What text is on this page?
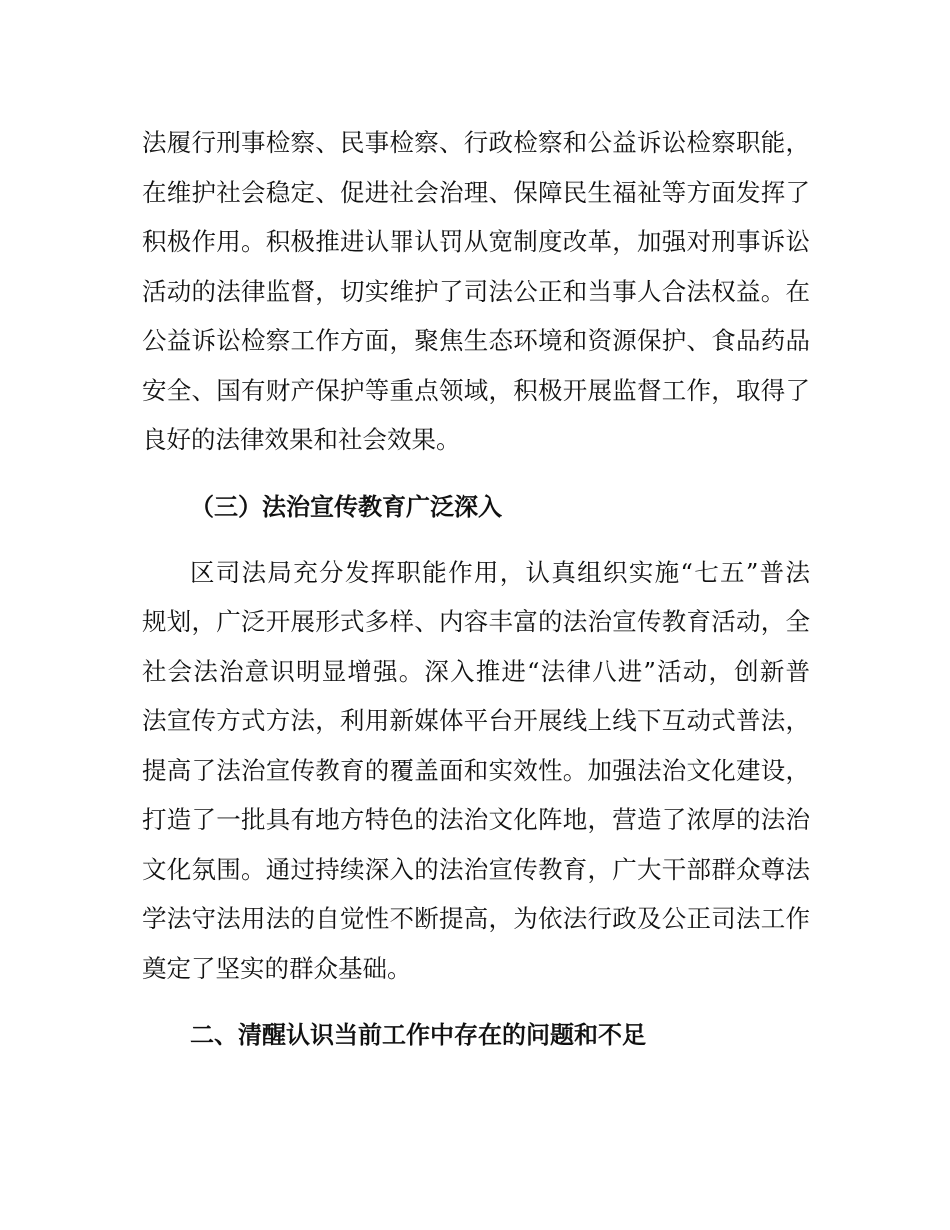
法履行刑事检察、民事检察、行政检察和公益诉讼检察职能，
在维护社会稳定、促进社会治理、保障民生福祉等方面发挥了
积极作用。积极推进认罪认罚从宽制度改革，加强对刑事诉讼
活动的法律监督，切实维护了司法公正和当事人合法权益。在
公益诉讼检察工作方面，聚焦生态环境和资源保护、食品药品
安全、国有财产保护等重点领域，积极开展监督工作，取得了
良好的法律效果和社会效果。
（三）法治宣传教育广泛深入
区司法局充分发挥职能作用，认真组织实施“七五”普法
规划，广泛开展形式多样、内容丰富的法治宣传教育活动，全
社会法治意识明显增强。深入推进“法律八进”活动，创新普
法宣传方式方法，利用新媒体平台开展线上线下互动式普法，
提高了法治宣传教育的覆盖面和实效性。加强法治文化建设，
打造了一批具有地方特色的法治文化阵地，营造了浓厚的法治
文化氛围。通过持续深入的法治宣传教育，广大干部群众尊法
学法守法用法的自觉性不断提高，为依法行政及公正司法工作
奠定了坚实的群众基础。
二、清醒认识当前工作中存在的问题和不足
